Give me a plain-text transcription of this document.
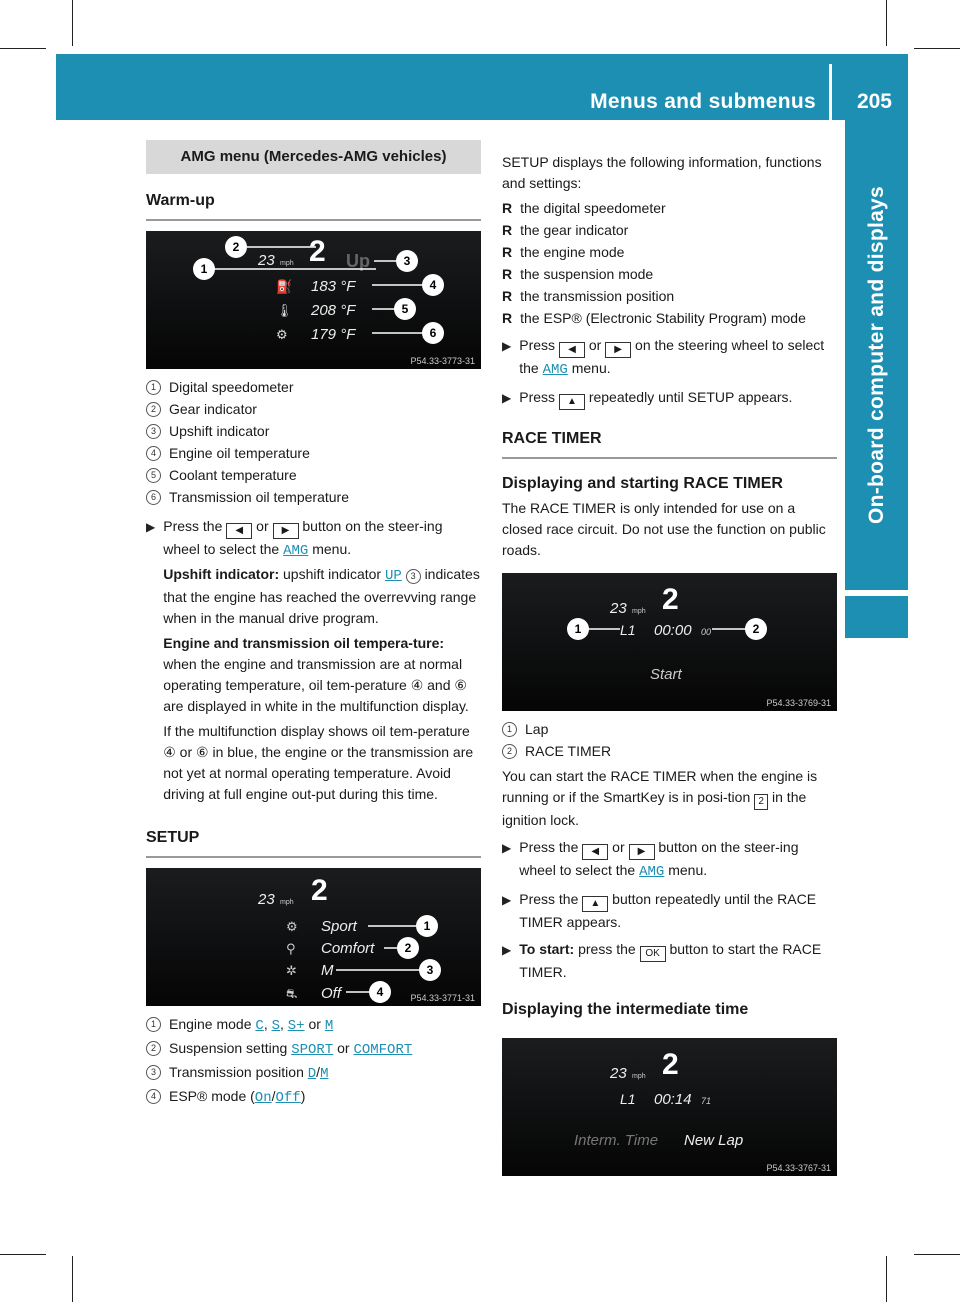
Menus and submenus 205
On-board computer and displays
AMG menu (Mercedes-AMG vehicles)
Warm-up
23 mph 2 Up
⛽ 183 °F
🌡 208 °F
⚙ 179 °F
1
2
3
4
5
6
P54.33-3773-31
1 Digital speedometer
2 Gear indicator
3 Upshift indicator
4 Engine oil temperature
5 Coolant temperature
6 Transmission oil temperature
▶ Press the ◀ or ▶ button on the steer-ing wheel to select the AMG menu.

Upshift indicator: upshift indicator UP 3 indicates that the engine has reached the overrevving range when in the manual drive program.

Engine and transmission oil tempera-ture: when the engine and transmission are at normal operating temperature, oil tem-perature ④ and ⑥ are displayed in white in the multifunction display.

If the multifunction display shows oil tem-perature ④ or ⑥ in blue, the engine or the transmission are not yet at normal operating temperature. Avoid driving at full engine out-put during this time.

SETUP
23 mph 2
⚙ Sport
⚲ Comfort
✲ M
⛐ Off
1
2
3
4	P54.33-3771-31
1 Engine mode C, S, S+ or M
2 Suspension setting SPORT or COMFORT
3 Transmission position D/M
4 ESP® mode (On/Off)

SETUP displays the following information, functions and settings:

R the digital speedometer
R the gear indicator
R the engine mode
R the suspension mode
R the transmission position
R the ESP® (Electronic Stability Program) mode
▶ Press ◀ or ▶ on the steering wheel to select the AMG menu.
▶ Press ▲ repeatedly until SETUP appears.
RACE TIMER
Displaying and starting RACE TIMER

The RACE TIMER is only intended for use on a closed race circuit. Do not use the function on public roads.

23 mph 2
L1 00:00 00
Start
1	2
P54.33-3769-31
1 Lap
2 RACE TIMER

You can start the RACE TIMER when the engine is running or if the SmartKey is in posi-tion 2 in the ignition lock.

▶ Press the ◀ or ▶ button on the steer-ing wheel to select the AMG menu.
▶ Press the ▲ button repeatedly until the RACE TIMER appears.
▶ To start: press the OK button to start the RACE TIMER.
Displaying the intermediate time
23 mph 2
L1 00:14 71
Interm. Time New Lap
P54.33-3767-31
